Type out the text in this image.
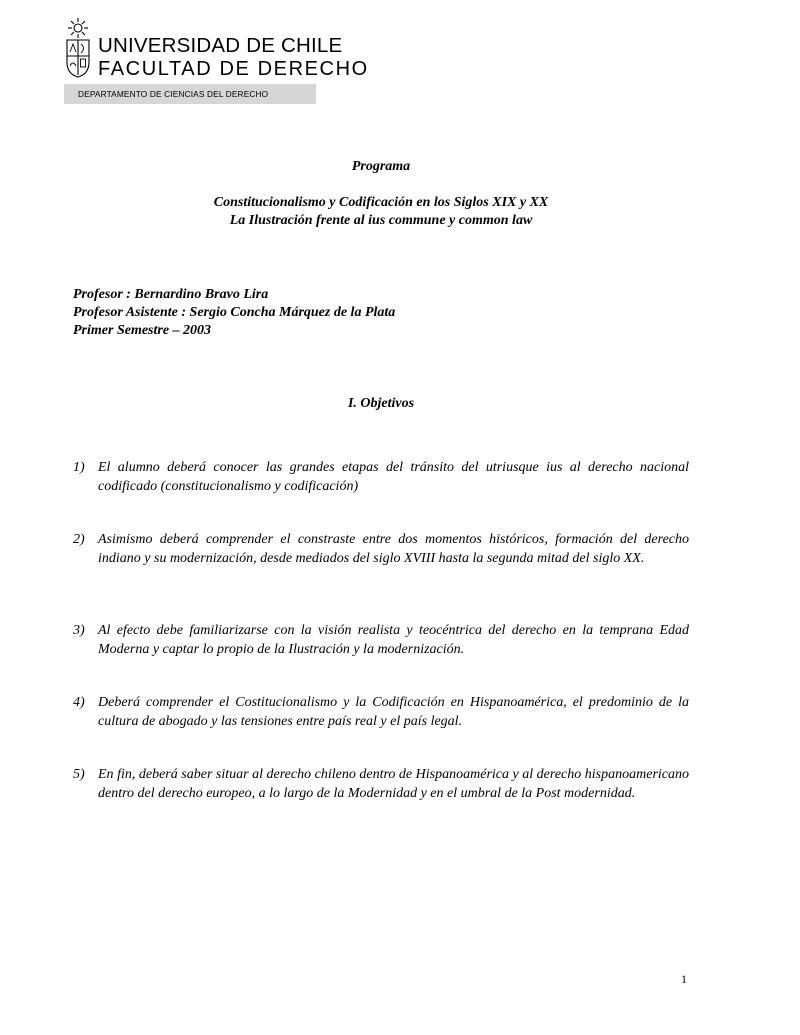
UNIVERSIDAD DE CHILE
FACULTAD DE DERECHO
DEPARTAMENTO DE CIENCIAS DEL DERECHO
Programa
Constitucionalismo y Codificación en los Siglos XIX y XX
La Ilustración frente al ius commune y common law
Profesor : Bernardino Bravo Lira
Profesor Asistente : Sergio Concha Márquez de la Plata
Primer Semestre – 2003
I. Objetivos
1) El alumno deberá conocer las grandes etapas del tránsito del utriusque ius al derecho nacional codificado (constitucionalismo y codificación)
2) Asimismo deberá comprender el constraste entre dos momentos históricos, formación del derecho indiano y su modernización, desde mediados del siglo XVIII hasta la segunda mitad del siglo XX.
3) Al efecto debe familiarizarse con la visión realista y teocéntrica del derecho en la temprana Edad Moderna y captar lo propio de la Ilustración y la modernización.
4) Deberá comprender el Costitucionalismo y la Codificación en Hispanoamérica, el predominio de la cultura de abogado y las tensiones entre país real y el país legal.
5) En fin, deberá saber situar al derecho chileno dentro de Hispanoamérica y al derecho hispanoamericano dentro del derecho europeo, a lo largo de la Modernidad y en el umbral de la Post modernidad.
1
